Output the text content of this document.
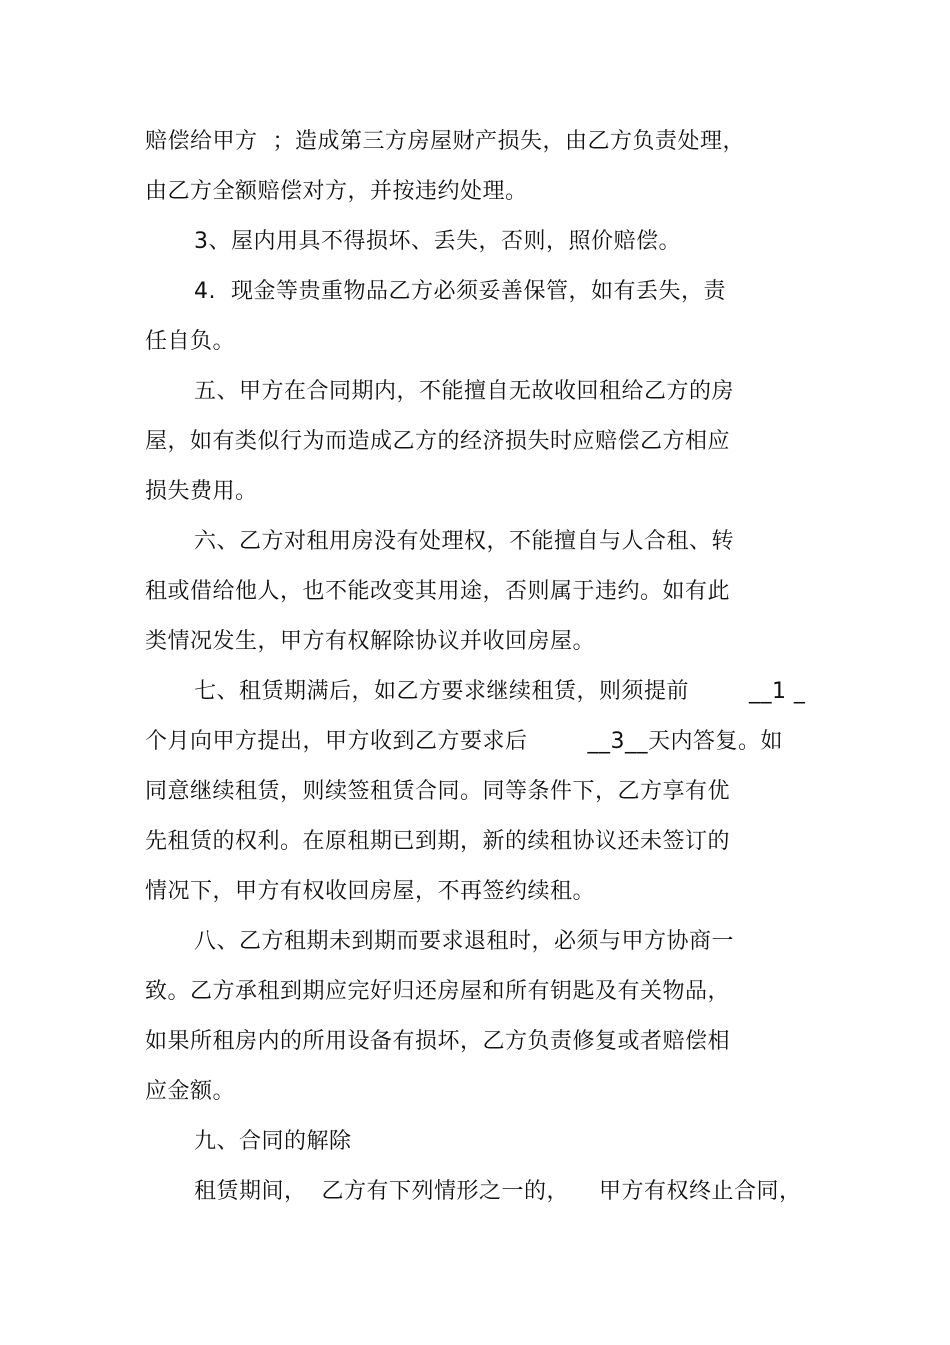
赔偿给甲方  ；造成第三方房屋财产损失，由乙方负责处理，
由乙方全额赔偿对方，并按违约处理。
3、屋内用具不得损坏、丢失，否则，照价赔偿。
4.  现金等贵重物品乙方必须妥善保管，如有丢失，责
任自负。
五、甲方在合同期内，不能擅自无故收回租给乙方的房
屋，如有类似行为而造成乙方的经济损失时应赔偿乙方相应
损失费用。
六、乙方对租用房没有处理权，不能擅自与人合租、转
租或借给他人，也不能改变其用途，否则属于违约。如有此
类情况发生，甲方有权解除协议并收回房屋。
七、租赁期满后，如乙方要求继续租赁，则须提前        __1 _
个月向甲方提出，甲方收到乙方要求后        __3__天内答复。如
同意继续租赁，则续签租赁合同。同等条件下，乙方享有优
先租赁的权利。在原租期已到期，新的续租协议还未签订的
情况下，甲方有权收回房屋，不再签约续租。
八、乙方租期未到期而要求退租时，必须与甲方协商一
致。乙方承租到期应完好归还房屋和所有钥匙及有关物品，
如果所租房内的所用设备有损坏，乙方负责修复或者赔偿相
应金额。
九、合同的解除
租赁期间，  乙方有下列情形之一的，    甲方有权终止合同，
